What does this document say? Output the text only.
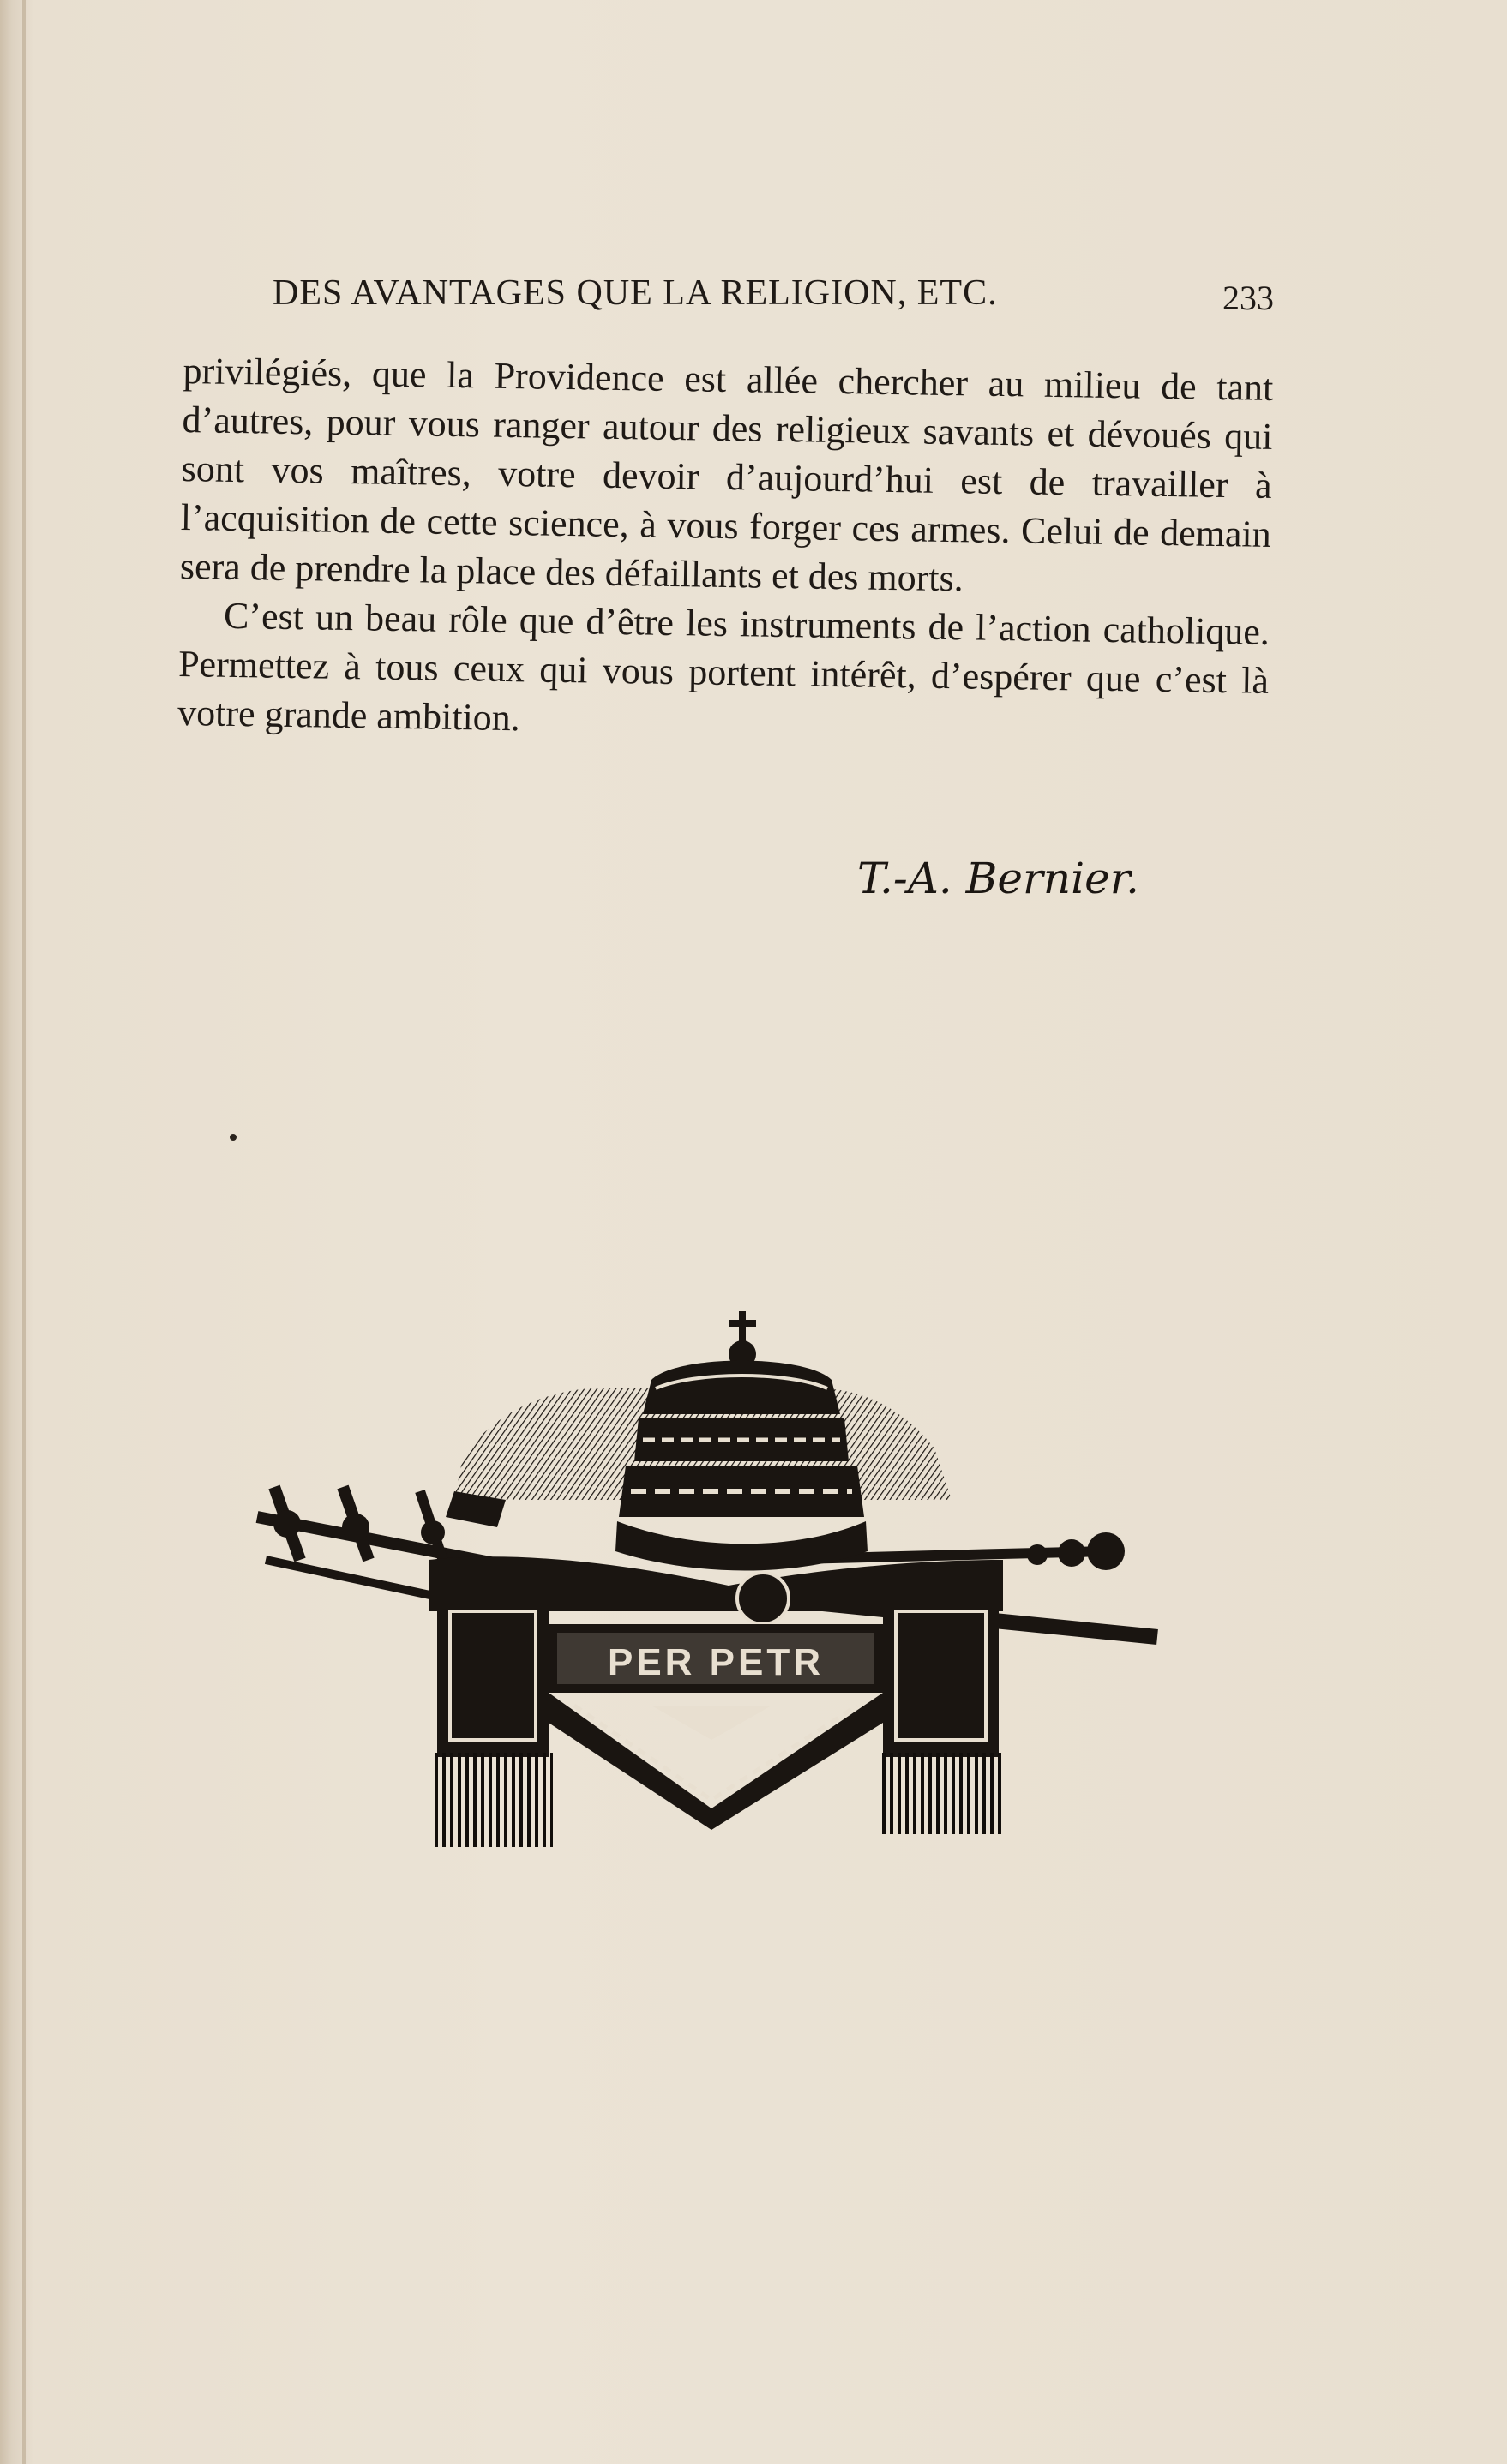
DES AVANTAGES QUE LA RELIGION, ETC.	233

privilégiés, que la Providence est allée chercher au milieu de tant d’autres, pour vous ranger autour des religieux savants et dévoués qui sont vos maîtres, votre devoir d’aujourd’hui est de travailler à l’acquisition de cette science, à vous forger ces armes. Celui de demain sera de prendre la place des défaillants et des morts.

C’est un beau rôle que d’être les instruments de l’action catholique. Permettez à tous ceux qui vous portent intérêt, d’espérer que c’est là votre grande ambition.

T.-A. Bernier.
PER PETR
